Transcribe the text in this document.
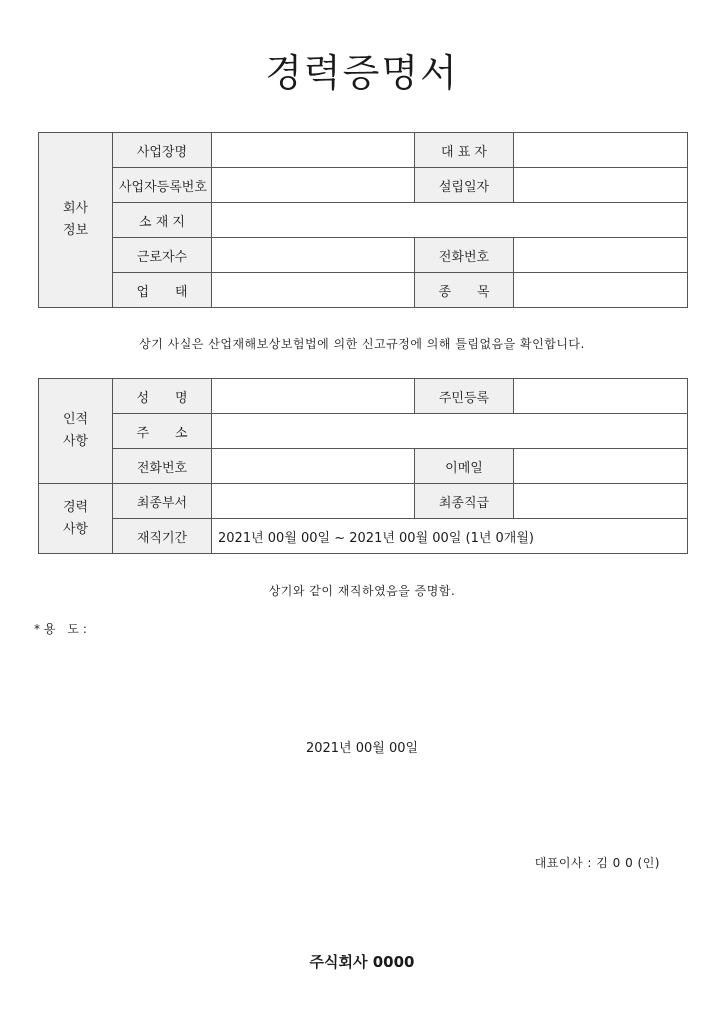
경력증명서
회사
정보	사업장명		대 표 자	
	사업자등록번호		설립일자	
	소 재 지			
	근로자수		전화번호	
	업　　태		종　　목	
상기 사실은 산업재해보상보험법에 의한 신고규정에 의해 틀림없음을 확인합니다.
인적
사항	성　　명		주민등록	
	주　　소			
	전화번호		이메일	
경력
사항	최종부서		최종직급	
	재직기간	2021년 00월 00일 ~ 2021년 00월 00일 (1년 0개월)		
상기와 같이 재직하였음을 증명함.
* 용 도 :
2021년 00월 00일
대표이사 : 김 0 0 (인)
주식회사 0000
